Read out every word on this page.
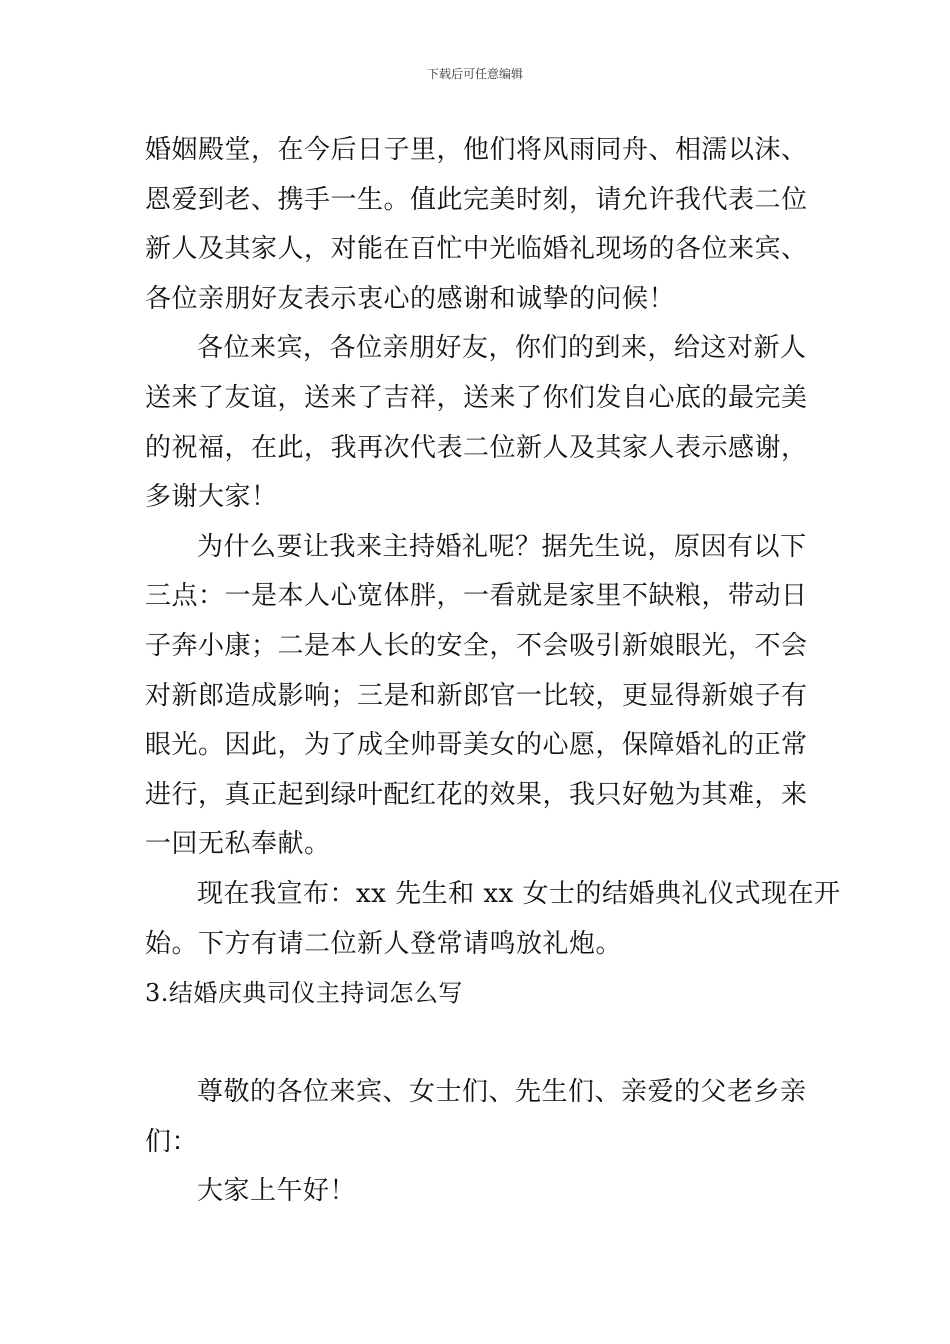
下载后可任意编辑
婚姻殿堂，在今后日子里，他们将风雨同舟、相濡以沫、
恩爱到老、携手一生。值此完美时刻，请允许我代表二位
新人及其家人，对能在百忙中光临婚礼现场的各位来宾、
各位亲朋好友表示衷心的感谢和诚挚的问候！
各位来宾，各位亲朋好友，你们的到来，给这对新人
送来了友谊，送来了吉祥，送来了你们发自心底的最完美
的祝福，在此，我再次代表二位新人及其家人表示感谢，
多谢大家！
为什么要让我来主持婚礼呢？据先生说，原因有以下
三点：一是本人心宽体胖，一看就是家里不缺粮，带动日
子奔小康；二是本人长的安全，不会吸引新娘眼光，不会
对新郎造成影响；三是和新郎官一比较，更显得新娘子有
眼光。因此，为了成全帅哥美女的心愿，保障婚礼的正常
进行，真正起到绿叶配红花的效果，我只好勉为其难，来
一回无私奉献。
现在我宣布：xx 先生和 xx 女士的结婚典礼仪式现在开
始。下方有请二位新人登常请鸣放礼炮。
3.结婚庆典司仪主持词怎么写
尊敬的各位来宾、女士们、先生们、亲爱的父老乡亲
们：
大家上午好！
